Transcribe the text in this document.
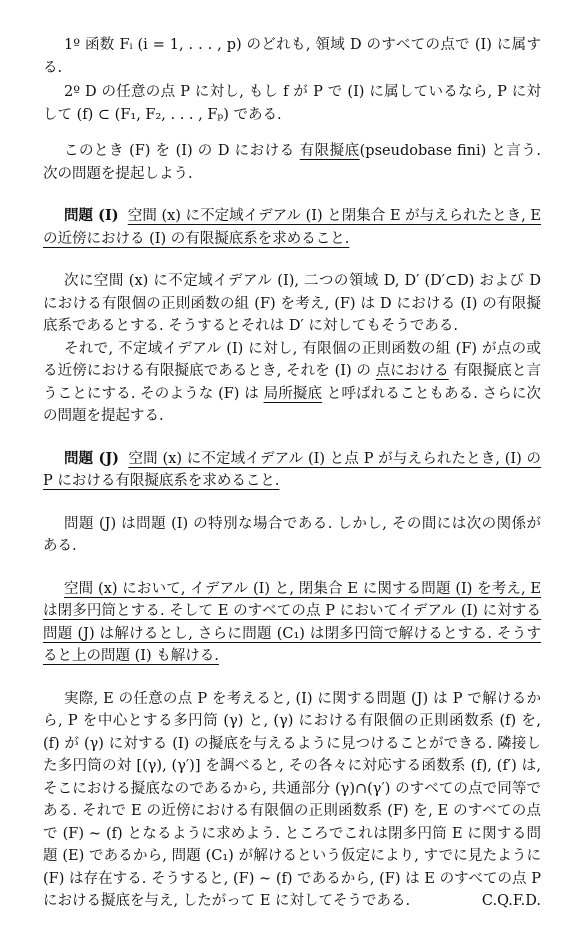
1º 函数 Fᵢ (i = 1, . . . , p) のどれも, 領域 D のすべての点で (I) に属する.

2º D の任意の点 P に対し, もし f が P で (I) に属しているなら, P に対して (f) ⊂ (F₁, F₂, . . . , Fₚ) である.

このとき (F) を (I) の D における 有限擬底(pseudobase fini) と言う. 次の問題を提起しよう.

問題 (I) 空間 (x) に不定域イデアル (I) と閉集合 E が与えられたとき, E の近傍における (I) の有限擬底系を求めること.

次に空間 (x) に不定域イデアル (I), 二つの領域 D, D′ (D′⊂D) および D における有限個の正則函数の組 (F) を考え, (F) は D における (I) の有限擬底系であるとする. そうするとそれは D′ に対してもそうである.

それで, 不定域イデアル (I) に対し, 有限個の正則函数の組 (F) が点の或る近傍における有限擬底であるとき, それを (I) の 点における 有限擬底と言うことにする. そのような (F) は 局所擬底 と呼ばれることもある. さらに次の問題を提起する.

問題 (J) 空間 (x) に不定域イデアル (I) と点 P が与えられたとき, (I) の P における有限擬底系を求めること.

問題 (J) は問題 (I) の特別な場合である. しかし, その間には次の関係がある.

空間 (x) において, イデアル (I) と, 閉集合 E に関する問題 (I) を考え, E は閉多円筒とする. そして E のすべての点 P においてイデアル (I) に対する問題 (J) は解けるとし, さらに問題 (C₁) は閉多円筒で解けるとする. そうすると上の問題 (I) も解ける.

実際, E の任意の点 P を考えると, (I) に関する問題 (J) は P で解けるから, P を中心とする多円筒 (γ) と, (γ) における有限個の正則函数系 (f) を, (f) が (γ) に対する (I) の擬底を与えるように見つけることができる. 隣接した多円筒の対 [(γ), (γ′)] を調べると, その各々に対応する函数系 (f), (f′) は, そこにおける擬底なのであるから, 共通部分 (γ)∩(γ′) のすべての点で同等である. それで E の近傍における有限個の正則函数系 (F) を, E のすべての点で (F) ~ (f) となるように求めよう. ところでこれは閉多円筒 E に関する問題 (E) であるから, 問題 (C₁) が解けるという仮定により, すでに見たように (F) は存在する. そうすると, (F) ~ (f) であるから, (F) は E のすべての点 P における擬底を与え, したがって E に対してそうである.	C.Q.F.D.
